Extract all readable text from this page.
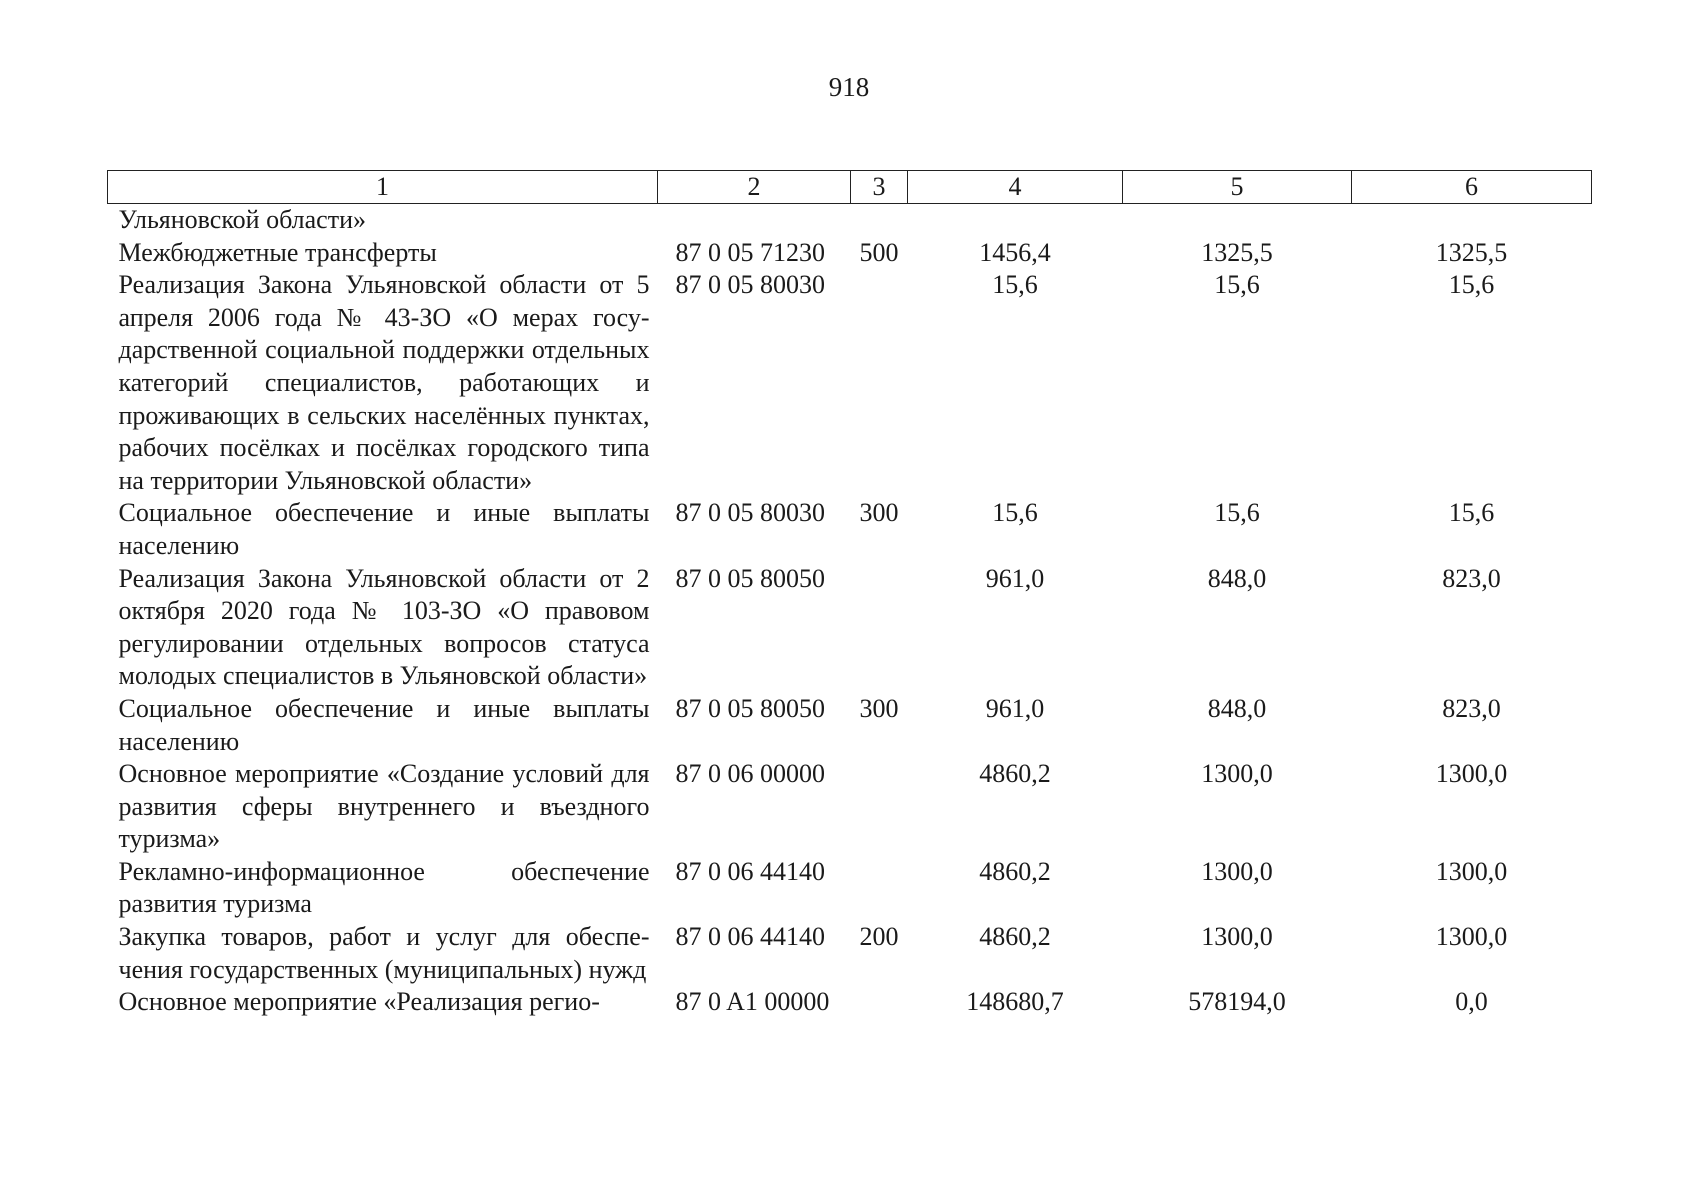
918
1	2	3	4	5	6
Ульяновской области»					
Межбюджетные трансферты	87 0 05 71230	500	1456,4	1325,5	1325,5
Реализация Закона Ульяновской области от 5 апреля 2006 года № 43-ЗО «О мерах государственной социальной поддержки отдельных категорий специалистов, работающих и проживающих в сельских населённых пунктах, рабочих посёлках и посёлках городского типа на территории Ульяновской области»	87 0 05 80030		15,6	15,6	15,6
Социальное обеспечение и иные выплаты населению	87 0 05 80030	300	15,6	15,6	15,6
Реализация Закона Ульяновской области от 2 октября 2020 года № 103-ЗО «О правовом регулировании отдельных вопросов статуса молодых специалистов в Ульяновской области»	87 0 05 80050		961,0	848,0	823,0
Социальное обеспечение и иные выплаты населению	87 0 05 80050	300	961,0	848,0	823,0
Основное мероприятие «Создание условий для развития сферы внутреннего и въездного туризма»	87 0 06 00000		4860,2	1300,0	1300,0
Рекламно-информационное обеспечение развития туризма	87 0 06 44140		4860,2	1300,0	1300,0
Закупка товаров, работ и услуг для обеспечения государственных (муниципальных) нужд	87 0 06 44140	200	4860,2	1300,0	1300,0
Основное мероприятие «Реализация регио-	87 0 A1 00000		148680,7	578194,0	0,0
